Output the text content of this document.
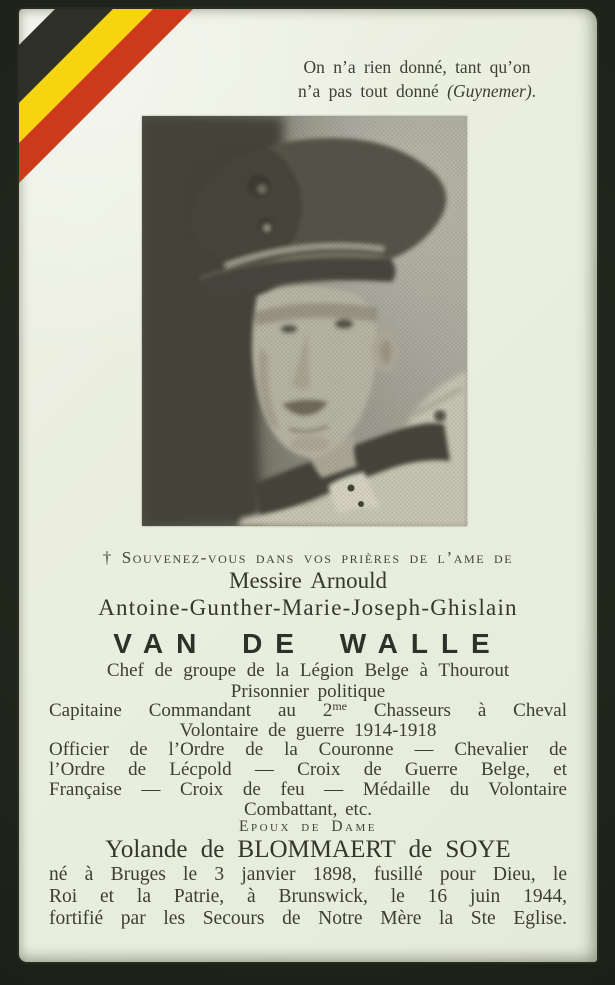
On n’a rien donné, tant qu’on
n’a pas tout donné (Guynemer).
† Souvenez-vous dans vos prières de l’ame de
Messire Arnould
Antoine-Gunther-Marie-Joseph-Ghislain
VAN DE WALLE
Chef de groupe de la Légion Belge à Thourout
Prisonnier politique
Capitaine Commandant au $2^{me}$ Chasseurs à Cheval
Volontaire de guerre 1914-1918
Officier de l’Ordre de la Couronne — Chevalier de
l’Ordre de Lécpold — Croix de Guerre Belge, et
Française — Croix de feu — Médaille du Volontaire
Combattant, etc.
Epoux de Dame
Yolande de BLOMMAERT de SOYE
né à Bruges le 3 janvier 1898, fusillé pour Dieu, le
Roi et la Patrie, à Brunswick, le 16 juin 1944,
fortifié par les Secours de Notre Mère la Ste Eglise.
